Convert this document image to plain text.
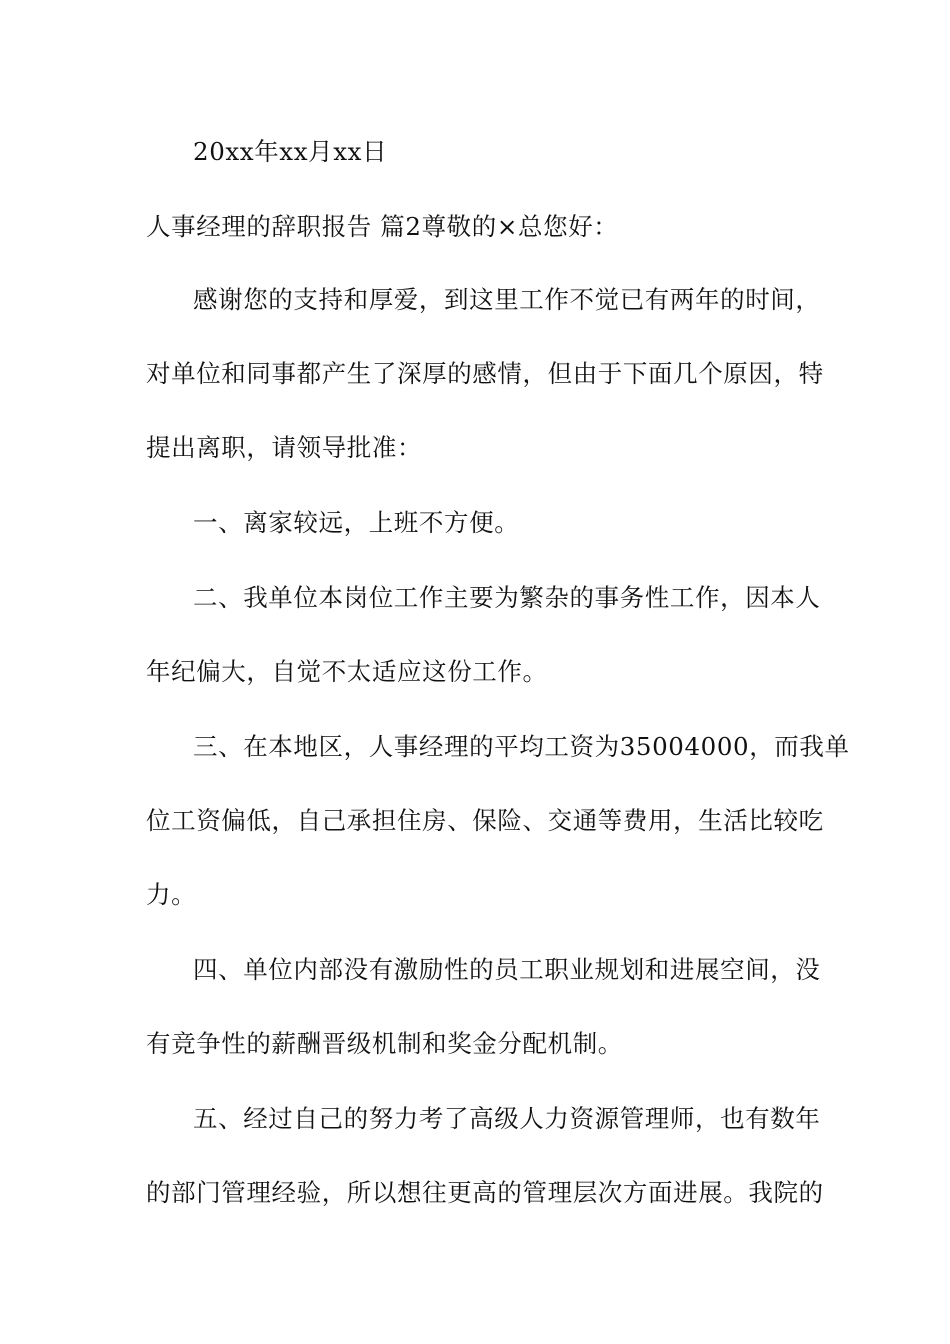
20xx年xx月xx日
人事经理的辞职报告 篇2尊敬的×总您好：
感谢您的支持和厚爱，到这里工作不觉已有两年的时间，
对单位和同事都产生了深厚的感情，但由于下面几个原因，特
提出离职，请领导批准：
一、离家较远，上班不方便。
二、我单位本岗位工作主要为繁杂的事务性工作，因本人
年纪偏大，自觉不太适应这份工作。
三、在本地区，人事经理的平均工资为35004000，而我单
位工资偏低，自己承担住房、保险、交通等费用，生活比较吃
力。
四、单位内部没有激励性的员工职业规划和进展空间，没
有竞争性的薪酬晋级机制和奖金分配机制。
五、经过自己的努力考了高级人力资源管理师，也有数年
的部门管理经验，所以想往更高的管理层次方面进展。我院的
